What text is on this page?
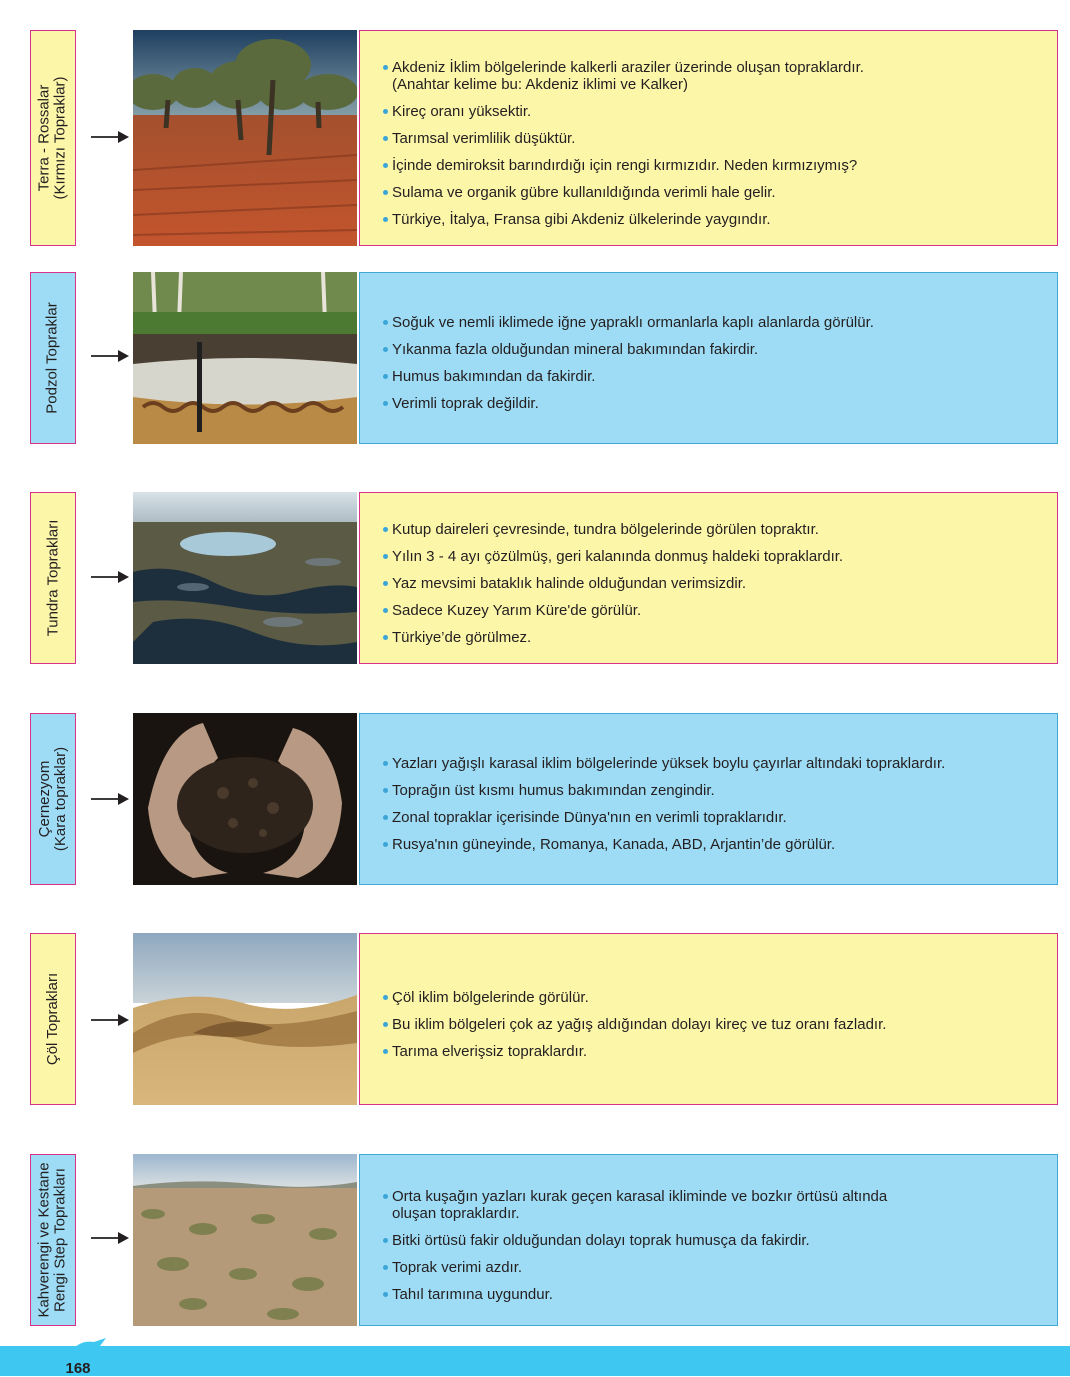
Terra - Rossalar (Kırmızı Topraklar)
Akdeniz İklim bölgelerinde kalkerli araziler üzerinde oluşan topraklardır.
(Anahtar kelime bu: Akdeniz iklimi ve Kalker)
Kireç oranı yüksektir.
Tarımsal verimlilik düşüktür.
İçinde demiroksit barındırdığı için rengi kırmızıdır. Neden kırmızıymış?
Sulama ve organik gübre kullanıldığında verimli hale gelir.
Türkiye, İtalya, Fransa gibi Akdeniz ülkelerinde yaygındır.
Podzol Topraklar	Soğuk ve nemli iklimede iğne yapraklı ormanlarla kaplı alanlarda görülür.
Yıkanma fazla olduğundan mineral bakımından fakirdir.
Humus bakımından da fakirdir.
Verimli toprak değildir.
Tundra Toprakları	Kutup daireleri çevresinde, tundra bölgelerinde görülen topraktır.
Yılın 3 - 4 ayı çözülmüş, geri kalanında donmuş haldeki topraklardır.
Yaz mevsimi bataklık halinde olduğundan verimsizdir.
Sadece Kuzey Yarım Küre'de görülür.
Türkiye’de görülmez.
Çernezyom (Kara topraklar)	Yazları yağışlı karasal iklim bölgelerinde yüksek boylu çayırlar altındaki topraklardır.
Toprağın üst kısmı humus bakımından zengindir.
Zonal topraklar içerisinde Dünya'nın en verimli topraklarıdır.
Rusya'nın güneyinde, Romanya, Kanada, ABD, Arjantin’de görülür.
Çöl Toprakları	Çöl iklim bölgelerinde görülür.
Bu iklim bölgeleri çok az yağış aldığından dolayı kireç ve tuz oranı fazladır.
Tarıma elverişsiz topraklardır.
Kahverengi ve Kestane Rengi Step Toprakları	Orta kuşağın yazları kurak geçen karasal ikliminde ve bozkır örtüsü altında
oluşan topraklardır.
Bitki örtüsü fakir olduğundan dolayı toprak humusça da fakirdir.
Toprak verimi azdır.
Tahıl tarımına uygundur.
168
